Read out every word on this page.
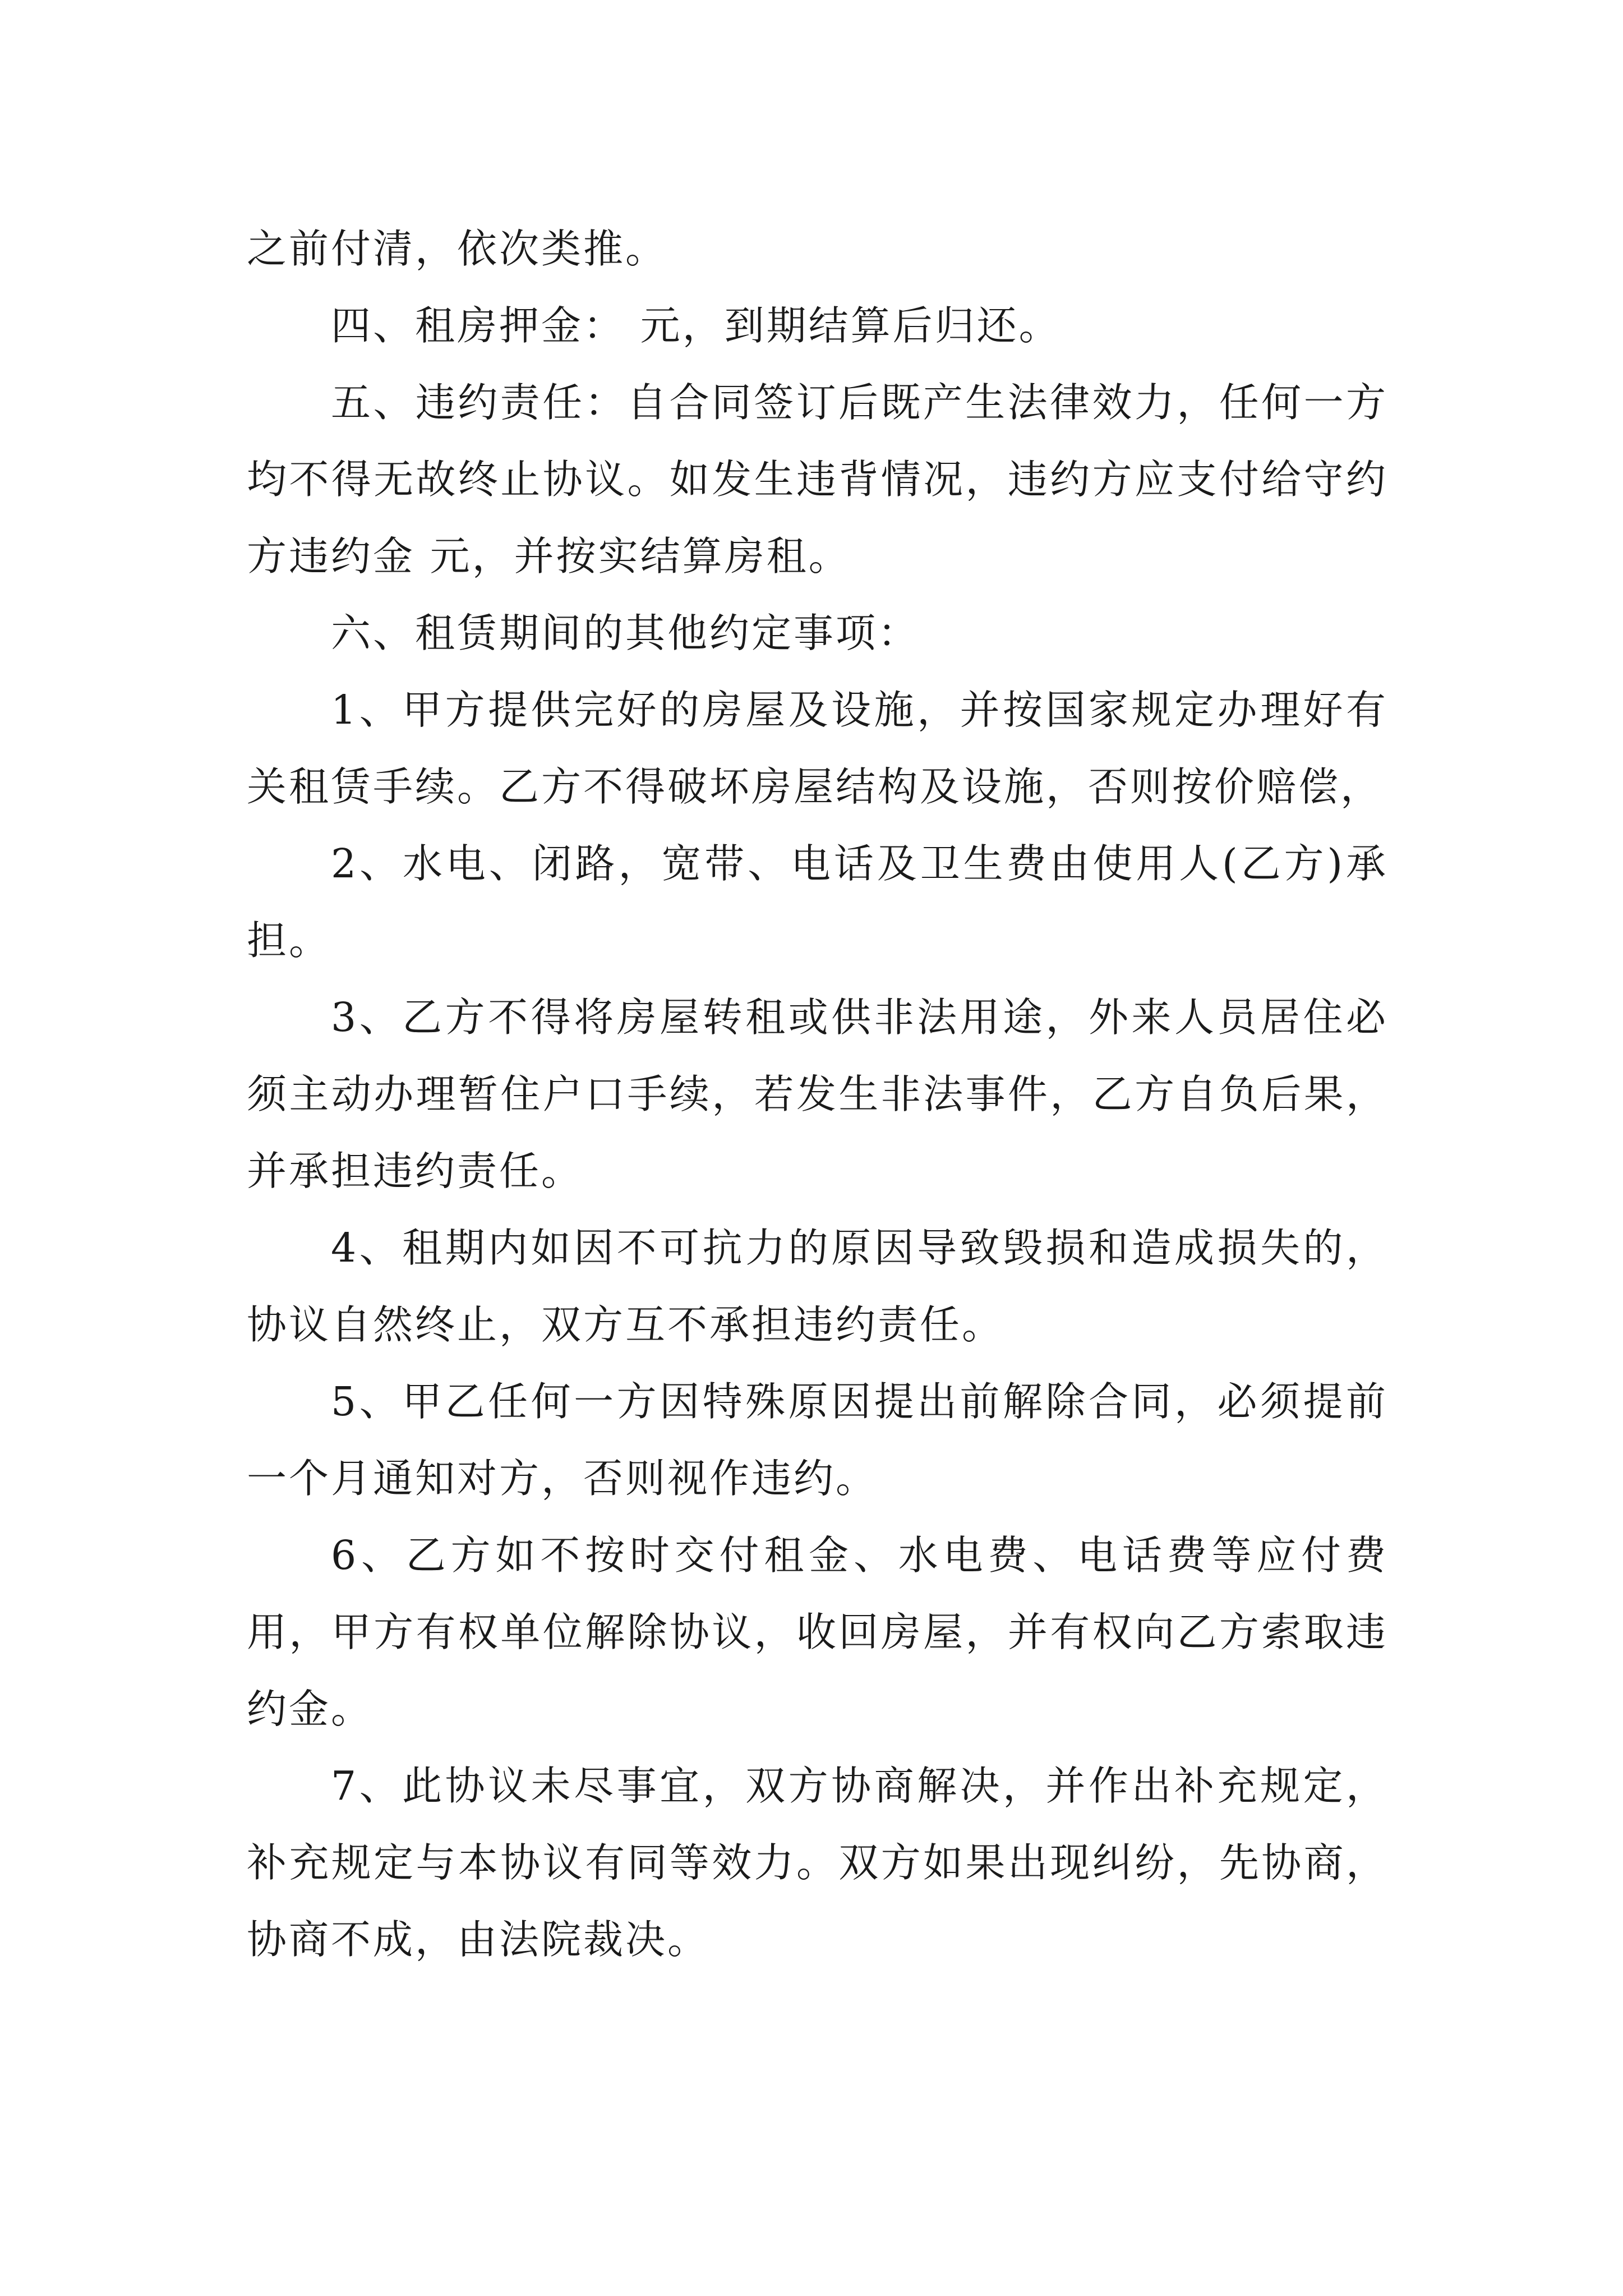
之前付清，依次类推。

四、租房押金： 元，到期结算后归还。

五、违约责任：自合同签订后既产生法律效力，任何一方均不得无故终止协议。如发生违背情况，违约方应支付给守约方违约金 元，并按实结算房租。

六、租赁期间的其他约定事项：

1、甲方提供完好的房屋及设施，并按国家规定办理好有关租赁手续。乙方不得破坏房屋结构及设施，否则按价赔偿，

2、水电、闭路，宽带、电话及卫生费由使用人(乙方)承担。

3、乙方不得将房屋转租或供非法用途，外来人员居住必须主动办理暂住户口手续，若发生非法事件，乙方自负后果，并承担违约责任。

4、租期内如因不可抗力的原因导致毁损和造成损失的，协议自然终止，双方互不承担违约责任。

5、甲乙任何一方因特殊原因提出前解除合同，必须提前一个月通知对方，否则视作违约。

6、乙方如不按时交付租金、水电费、电话费等应付费用，甲方有权单位解除协议，收回房屋，并有权向乙方索取违约金。

7、此协议未尽事宜，双方协商解决，并作出补充规定，补充规定与本协议有同等效力。双方如果出现纠纷，先协商，协商不成，由法院裁决。
